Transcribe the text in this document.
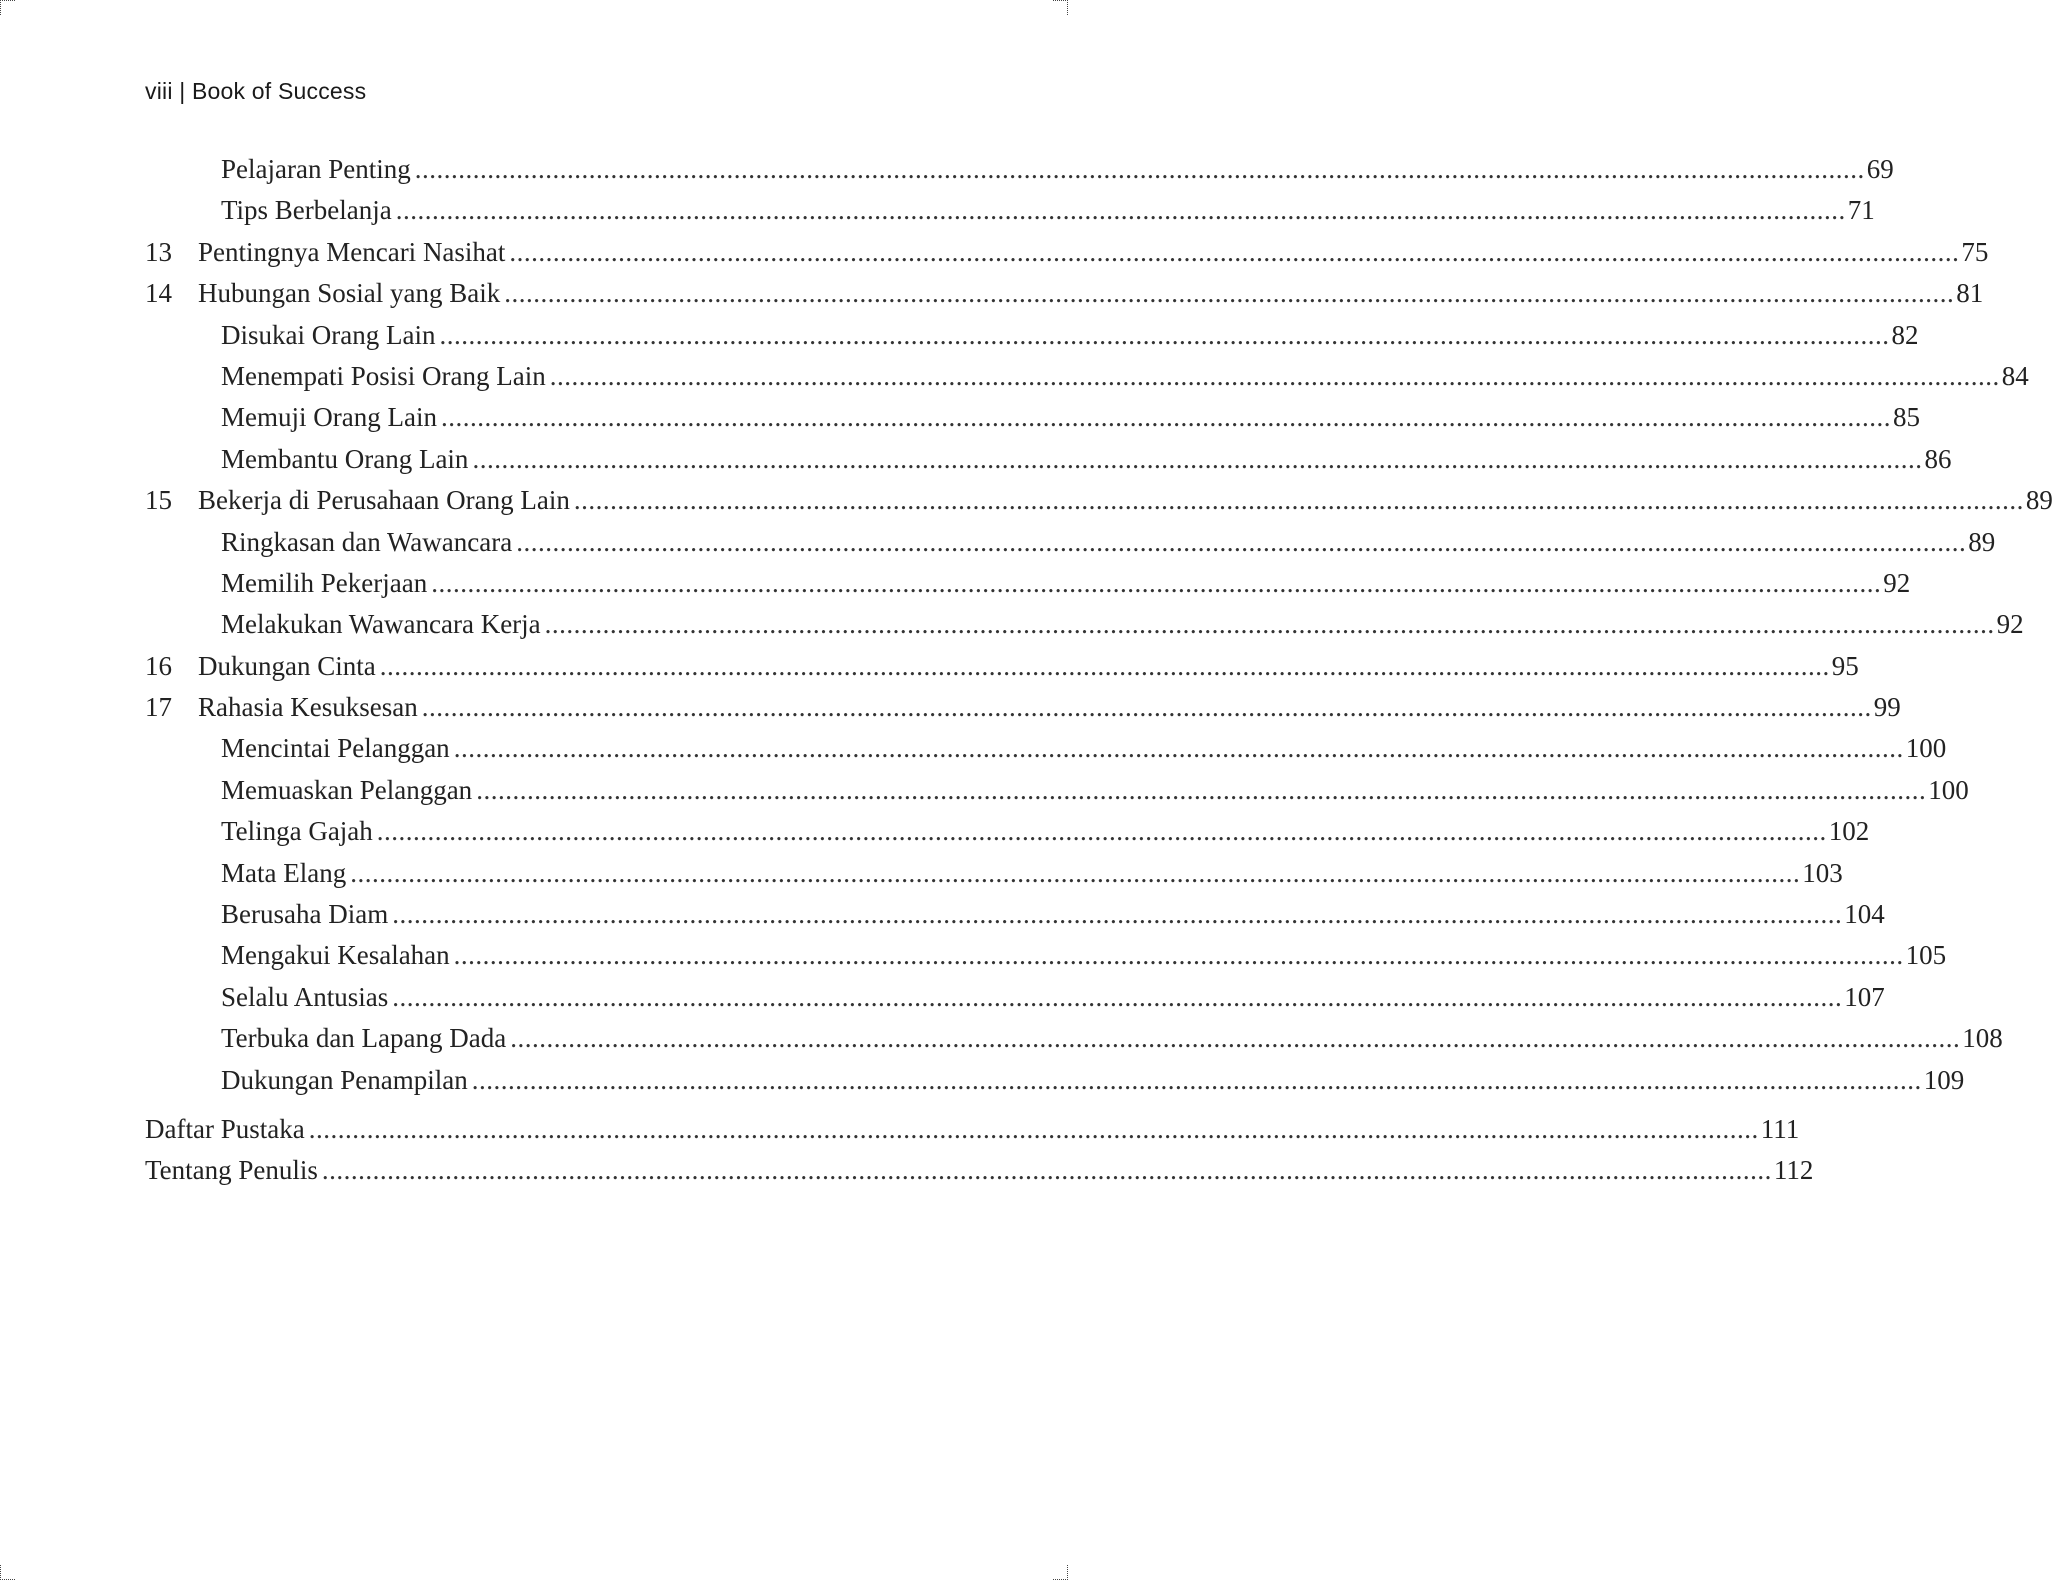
viii | Book of Success
Pelajaran Penting ........................................................................................................................................................................................................ 69
Tips Berbelanja ........................................................................................................................................................................................................ 71
13 Pentingnya Mencari Nasihat ........................................................................................................................................................................................................ 75
14 Hubungan Sosial yang Baik ........................................................................................................................................................................................................ 81
Disukai Orang Lain ........................................................................................................................................................................................................ 82
Menempati Posisi Orang Lain ........................................................................................................................................................................................................ 84
Memuji Orang Lain ........................................................................................................................................................................................................ 85
Membantu Orang Lain ........................................................................................................................................................................................................ 86
15 Bekerja di Perusahaan Orang Lain ........................................................................................................................................................................................................ 89
Ringkasan dan Wawancara ........................................................................................................................................................................................................ 89
Memilih Pekerjaan ........................................................................................................................................................................................................ 92
Melakukan Wawancara Kerja ........................................................................................................................................................................................................ 92
16 Dukungan Cinta ........................................................................................................................................................................................................ 95
17 Rahasia Kesuksesan ........................................................................................................................................................................................................ 99
Mencintai Pelanggan ........................................................................................................................................................................................................ 100
Memuaskan Pelanggan ........................................................................................................................................................................................................ 100
Telinga Gajah ........................................................................................................................................................................................................ 102
Mata Elang ........................................................................................................................................................................................................ 103
Berusaha Diam ........................................................................................................................................................................................................ 104
Mengakui Kesalahan ........................................................................................................................................................................................................ 105
Selalu Antusias ........................................................................................................................................................................................................ 107
Terbuka dan Lapang Dada ........................................................................................................................................................................................................ 108
Dukungan Penampilan ........................................................................................................................................................................................................ 109
Daftar Pustaka ........................................................................................................................................................................................................ 111
Tentang Penulis ........................................................................................................................................................................................................ 112
